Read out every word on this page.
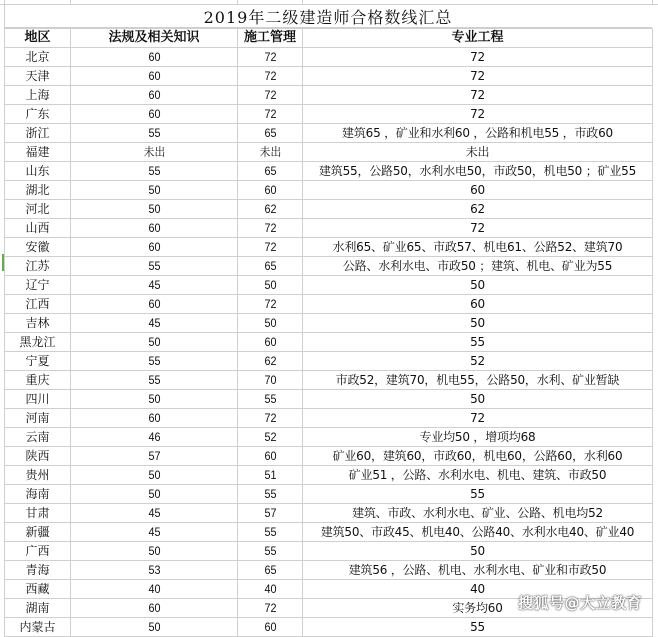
2019年二级建造师合格数线汇总
地区	法规及相关知识	施工管理	专业工程
北京	60	72	72
天津	60	72	72
上海	60	72	72
广东	60	72	72
浙江	55	65	建筑65 ，矿业和水利60 ，公路和机电55 ，市政60
福建	未出	未出	未出
山东	55	65	建筑55，公路50，水利水电50，市政50，机电50 ；矿业55
湖北	50	60	60
河北	50	62	62
山西	60	72	72
安徽	60	72	水利65、矿业65、市政57、机电61、公路52、建筑70
江苏	55	65	公路、水利水电、市政50 ；建筑、机电、矿业为55
辽宁	45	50	50
江西	60	72	60
吉林	45	50	50
黑龙江	50	60	55
宁夏	55	62	52
重庆	55	70	市政52，建筑70，机电55，公路50，水利、矿业暂缺
四川	50	55	50
河南	60	72	72
云南	46	52	专业均50 ，增项均68
陕西	57	60	矿业60，建筑60，市政60，机电60，公路60，水利60
贵州	50	51	矿业51 ，公路、水利水电、机电、建筑、市政50
海南	50	55	55
甘肃	45	57	建筑、市政、水利水电、矿业、公路、机电均52
新疆	45	55	建筑50、市政45、机电40、公路40、水利水电40、矿业40
广西	50	55	50
青海	53	65	建筑56 ，公路、机电、水利水电、矿业和市政50
西藏	40	40	40
湖南	60	72	实务均60
内蒙古	50	60	55
搜狐号@大立教育
